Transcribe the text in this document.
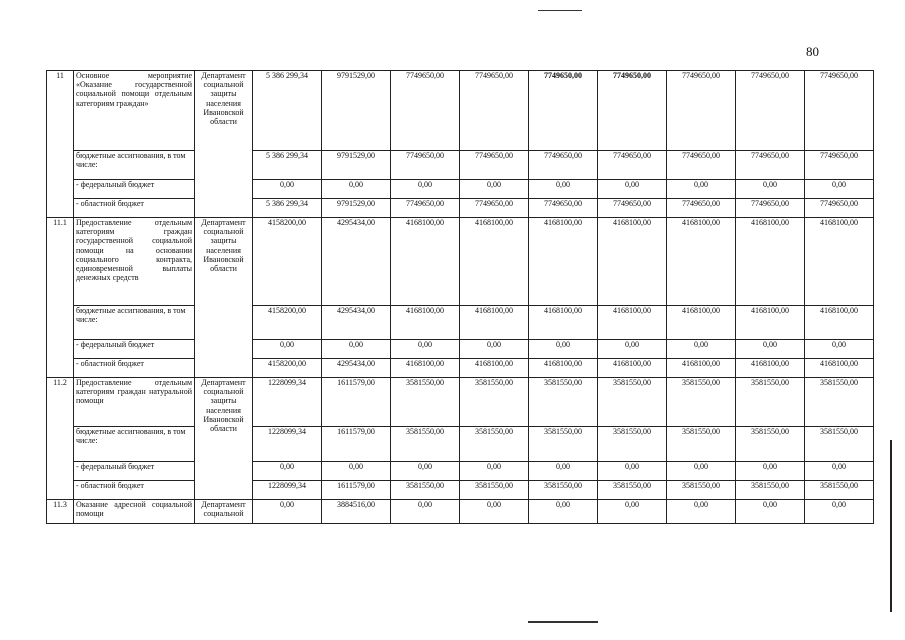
80
11	Основное мероприятие «Оказание государственной социальной помощи отдельным категориям граждан»	Департамент социальной защиты населения Ивановской области	5 386 299,34	9791529,00	7749650,00	7749650,00	7749650,00	7749650,00	7749650,00	7749650,00	7749650,00
	бюджетные ассигнования, в том числе:		5 386 299,34	9791529,00	7749650,00	7749650,00	7749650,00	7749650,00	7749650,00	7749650,00	7749650,00
	- федеральный бюджет		0,00	0,00	0,00	0,00	0,00	0,00	0,00	0,00	0,00
	- областной бюджет		5 386 299,34	9791529,00	7749650,00	7749650,00	7749650,00	7749650,00	7749650,00	7749650,00	7749650,00
11.1	Предоставление отдельным категориям граждан государственной социальной помощи на основании социального контракта, единовременной выплаты денежных средств	Департамент социальной защиты населения Ивановской области	4158200,00	4295434,00	4168100,00	4168100,00	4168100,00	4168100,00	4168100,00	4168100,00	4168100,00
	бюджетные ассигнования, в том числе:		4158200,00	4295434,00	4168100,00	4168100,00	4168100,00	4168100,00	4168100,00	4168100,00	4168100,00
	- федеральный бюджет		0,00	0,00	0,00	0,00	0,00	0,00	0,00	0,00	0,00
	- областной бюджет		4158200,00	4295434,00	4168100,00	4168100,00	4168100,00	4168100,00	4168100,00	4168100,00	4168100,00
11.2	Предоставление отдельным категориям граждан натуральной помощи	Департамент социальной защиты населения Ивановской области	1228099,34	1611579,00	3581550,00	3581550,00	3581550,00	3581550,00	3581550,00	3581550,00	3581550,00
	бюджетные ассигнования, в том числе:		1228099,34	1611579,00	3581550,00	3581550,00	3581550,00	3581550,00	3581550,00	3581550,00	3581550,00
	- федеральный бюджет		0,00	0,00	0,00	0,00	0,00	0,00	0,00	0,00	0,00
	- областной бюджет		1228099,34	1611579,00	3581550,00	3581550,00	3581550,00	3581550,00	3581550,00	3581550,00	3581550,00
11.3	Оказание адресной социальной помощи	Департамент социальной	0,00	3884516,00	0,00	0,00	0,00	0,00	0,00	0,00	0,00
